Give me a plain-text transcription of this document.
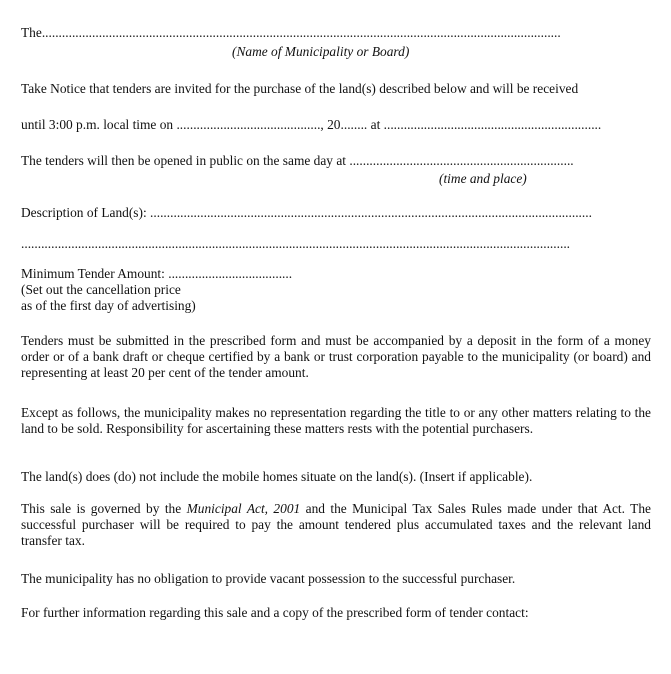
The...........................................................................................................................................................
(Name of Municipality or Board)
Take Notice that tenders are invited for the purchase of the land(s) described below and will be received
until 3:00 p.m. local time on ..........................................., 20........ at .................................................................
The tenders will then be opened in public on the same day at ...................................................................
(time and place)
Description of Land(s): ....................................................................................................................................
....................................................................................................................................................................
Minimum Tender Amount: .....................................
(Set out the cancellation price
as of the first day of advertising)
Tenders must be submitted in the prescribed form and must be accompanied by a deposit in the form of a money order or of a bank draft or cheque certified by a bank or trust corporation payable to the municipality (or board) and representing at least 20 per cent of the tender amount.
Except as follows, the municipality makes no representation regarding the title to or any other matters relating to the land to be sold. Responsibility for ascertaining these matters rests with the potential purchasers.
The land(s) does (do) not include the mobile homes situate on the land(s). (Insert if applicable).
This sale is governed by the Municipal Act, 2001 and the Municipal Tax Sales Rules made under that Act. The successful purchaser will be required to pay the amount tendered plus accumulated taxes and the relevant land transfer tax.
The municipality has no obligation to provide vacant possession to the successful purchaser.
For further information regarding this sale and a copy of the prescribed form of tender contact:
